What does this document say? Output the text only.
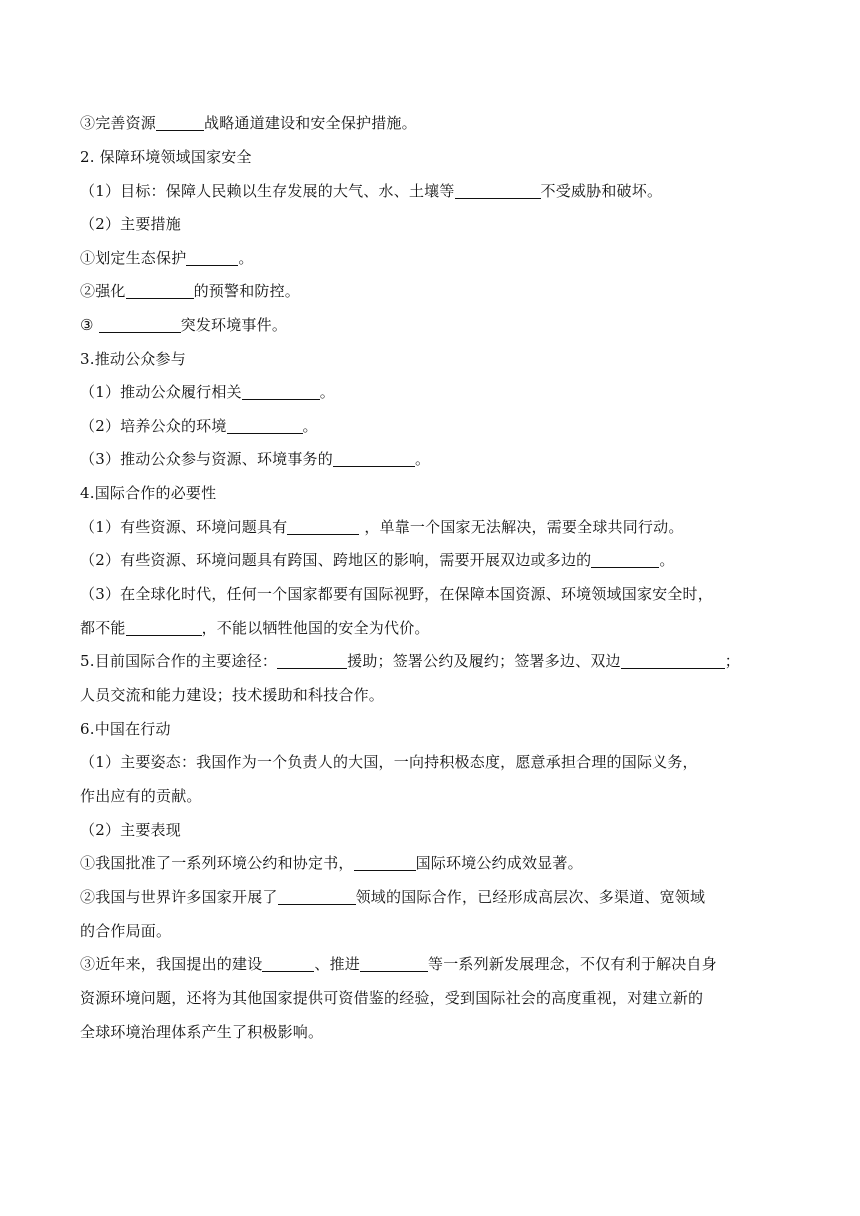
③完善资源	战略通道建设和安全保护措施。
2. 保障环境领域国家安全
（1）目标：保障人民赖以生存发展的大气、水、土壤等	不受威胁和破坏。
（2）主要措施
①划定生态保护	。
②强化	的预警和防控。
③	突发环境事件。
3.推动公众参与
（1）推动公众履行相关	。
（2）培养公众的环境	。
（3）推动公众参与资源、环境事务的	。
4.国际合作的必要性
（1）有些资源、环境问题具有	，单靠一个国家无法解决，需要全球共同行动。
（2）有些资源、环境问题具有跨国、跨地区的影响，需要开展双边或多边的	。
（3）在全球化时代，任何一个国家都要有国际视野，在保障本国资源、环境领域国家安全时，
都不能	，不能以牺牲他国的安全为代价。
5.目前国际合作的主要途径：	援助；签署公约及履约；签署多边、双边	；
人员交流和能力建设；技术援助和科技合作。
6.中国在行动
（1）主要姿态：我国作为一个负责人的大国，一向持积极态度，愿意承担合理的国际义务，
作出应有的贡献。
（2）主要表现
①我国批准了一系列环境公约和协定书，	国际环境公约成效显著。
②我国与世界许多国家开展了	领域的国际合作，已经形成高层次、多渠道、宽领域
的合作局面。
③近年来，我国提出的建设	、推进	等一系列新发展理念，不仅有利于解决自身
资源环境问题，还将为其他国家提供可资借鉴的经验，受到国际社会的高度重视，对建立新的
全球环境治理体系产生了积极影响。
